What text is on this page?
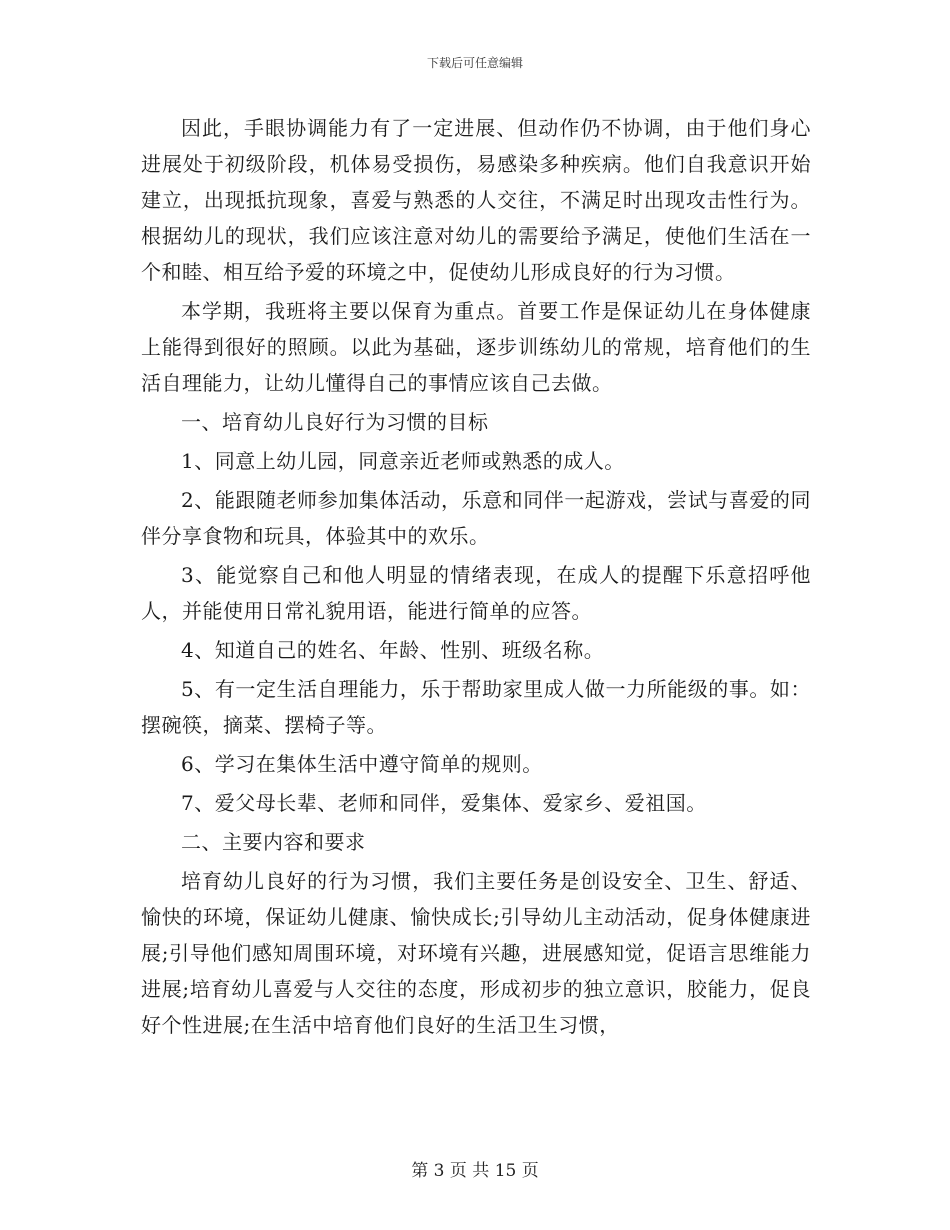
下载后可任意编辑

因此，手眼协调能力有了一定进展、但动作仍不协调，由于他们身心进展处于初级阶段，机体易受损伤，易感染多种疾病。他们自我意识开始建立，出现抵抗现象，喜爱与熟悉的人交往，不满足时出现攻击性行为。根据幼儿的现状，我们应该注意对幼儿的需要给予满足，使他们生活在一个和睦、相互给予爱的环境之中，促使幼儿形成良好的行为习惯。

本学期，我班将主要以保育为重点。首要工作是保证幼儿在身体健康上能得到很好的照顾。以此为基础，逐步训练幼儿的常规，培育他们的生活自理能力，让幼儿懂得自己的事情应该自己去做。

一、培育幼儿良好行为习惯的目标

1、同意上幼儿园，同意亲近老师或熟悉的成人。

2、能跟随老师参加集体活动，乐意和同伴一起游戏，尝试与喜爱的同伴分享食物和玩具，体验其中的欢乐。

3、能觉察自己和他人明显的情绪表现，在成人的提醒下乐意招呼他人，并能使用日常礼貌用语，能进行简单的应答。

4、知道自己的姓名、年龄、性别、班级名称。

5、有一定生活自理能力，乐于帮助家里成人做一力所能级的事。如：摆碗筷，摘菜、摆椅子等。

6、学习在集体生活中遵守简单的规则。

7、爱父母长辈、老师和同伴，爱集体、爱家乡、爱祖国。

二、主要内容和要求

培育幼儿良好的行为习惯，我们主要任务是创设安全、卫生、舒适、愉快的环境，保证幼儿健康、愉快成长;引导幼儿主动活动，促身体健康进展;引导他们感知周围环境，对环境有兴趣，进展感知觉，促语言思维能力进展;培育幼儿喜爱与人交往的态度，形成初步的独立意识，胶能力，促良好个性进展;在生活中培育他们良好的生活卫生习惯，

第 3 页 共 15 页
